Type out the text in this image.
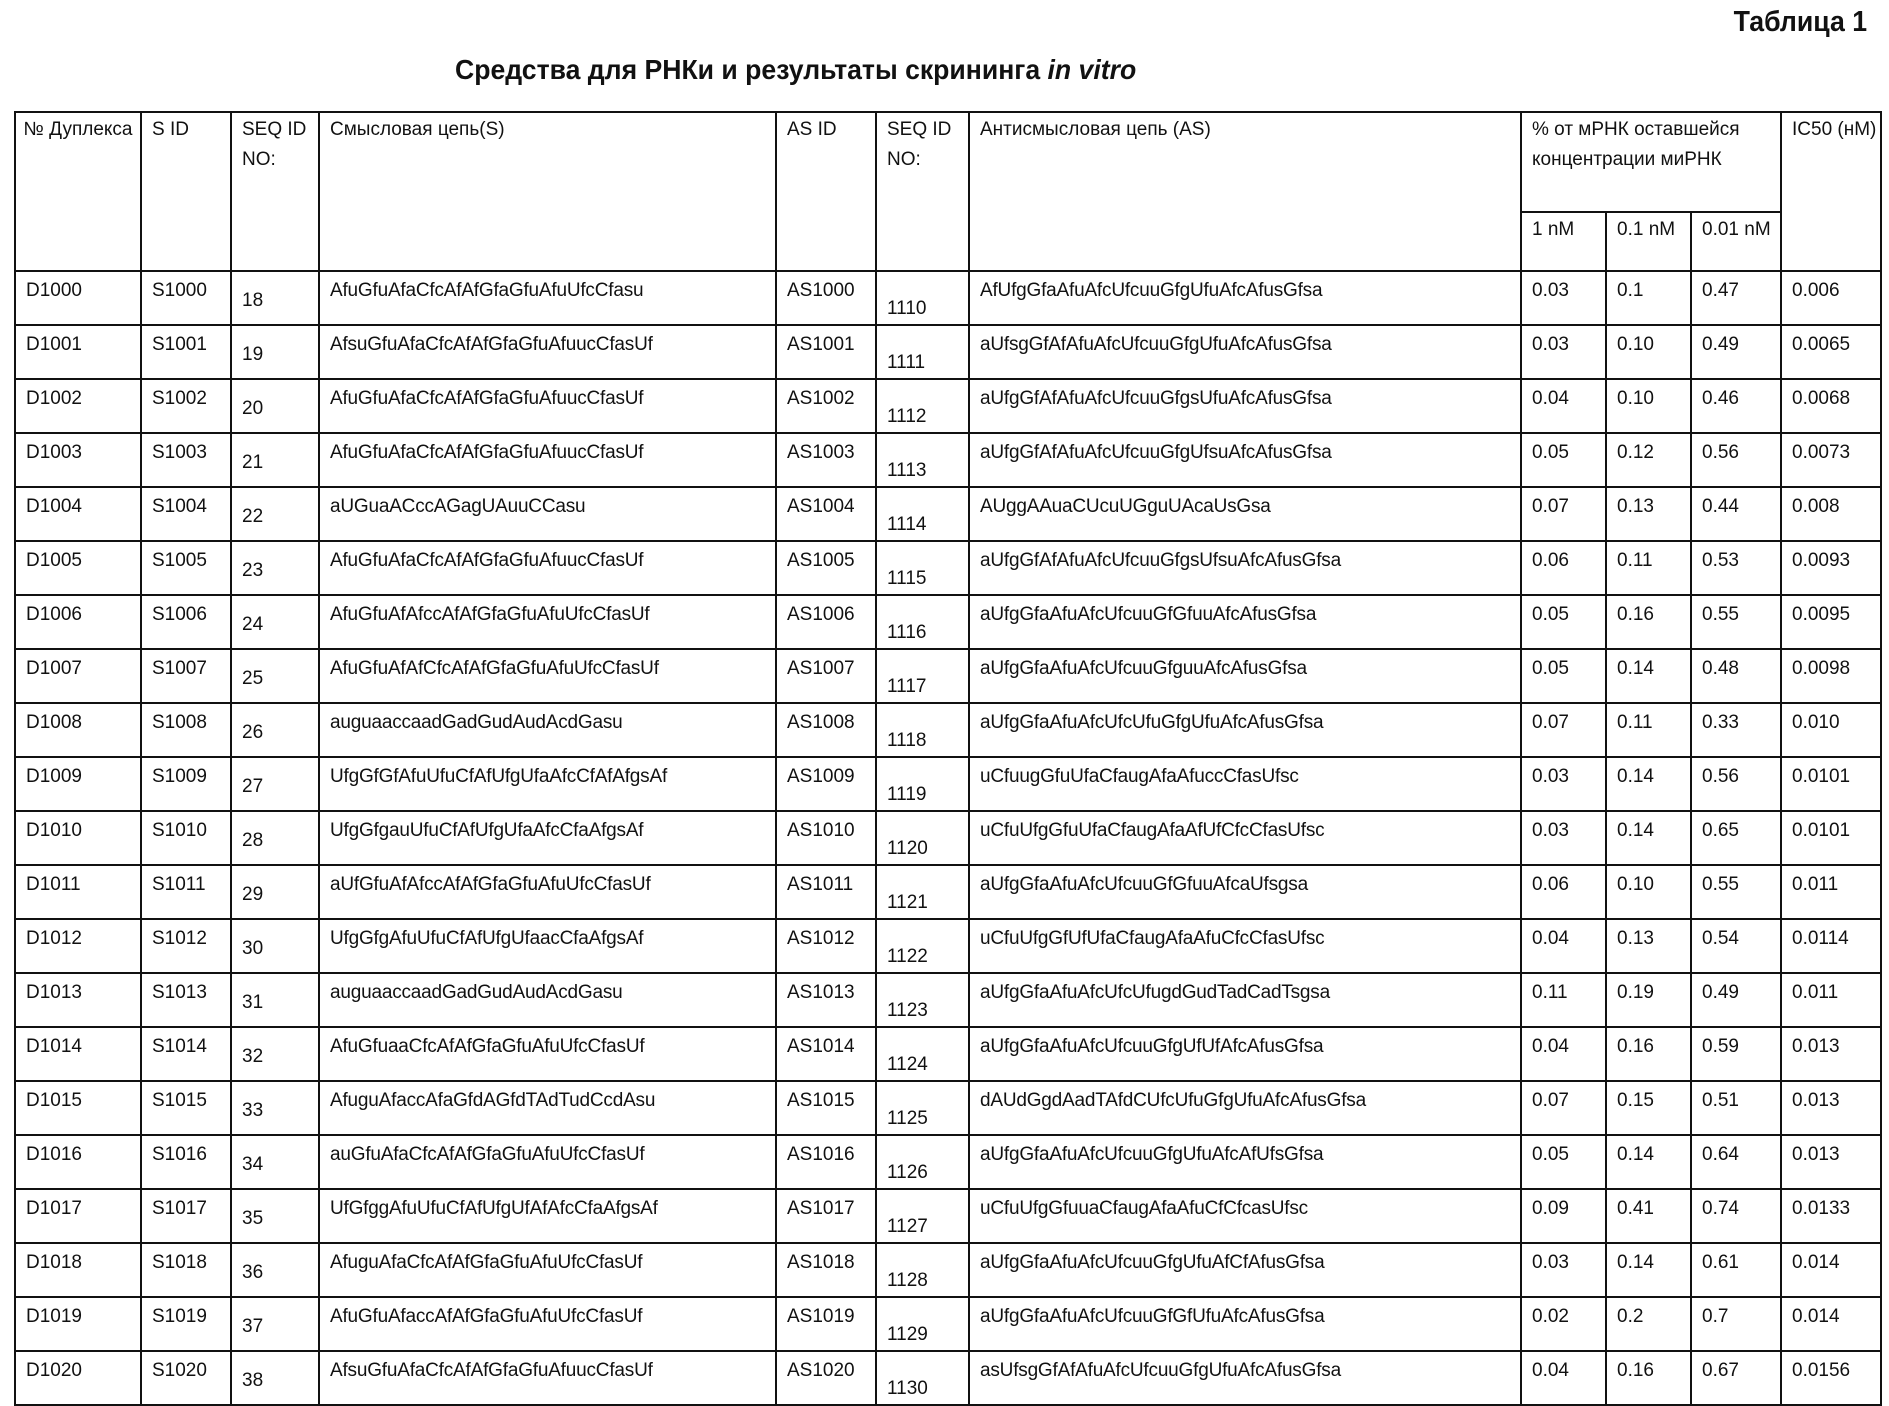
Таблица 1
Средства для РНКи и результаты скрининга in vitro
№ Дуплекса	S ID	SEQ ID NO:	Смысловая цепь(S)	AS ID	SEQ ID NO:	Антисмысловая цепь (AS)	% от мРНК оставшейся концентрации миРНК			IC50 (нМ)
							1 nM	0.1 nM	0.01 nM	
D1000	S1000	18	AfuGfuAfaCfcAfAfGfaGfuAfuUfcCfasu	AS1000	1110	AfUfgGfaAfuAfcUfcuuGfgUfuAfcAfusGfsa	0.03	0.1	0.47	0.006
D1001	S1001	19	AfsuGfuAfaCfcAfAfGfaGfuAfuucCfasUf	AS1001	1111	aUfsgGfAfAfuAfcUfcuuGfgUfuAfcAfusGfsa	0.03	0.10	0.49	0.0065
D1002	S1002	20	AfuGfuAfaCfcAfAfGfaGfuAfuucCfasUf	AS1002	1112	aUfgGfAfAfuAfcUfcuuGfgsUfuAfcAfusGfsa	0.04	0.10	0.46	0.0068
D1003	S1003	21	AfuGfuAfaCfcAfAfGfaGfuAfuucCfasUf	AS1003	1113	aUfgGfAfAfuAfcUfcuuGfgUfsuAfcAfusGfsa	0.05	0.12	0.56	0.0073
D1004	S1004	22	aUGuaACccAGagUAuuCCasu	AS1004	1114	AUggAAuaCUcuUGguUAcaUsGsa	0.07	0.13	0.44	0.008
D1005	S1005	23	AfuGfuAfaCfcAfAfGfaGfuAfuucCfasUf	AS1005	1115	aUfgGfAfAfuAfcUfcuuGfgsUfsuAfcAfusGfsa	0.06	0.11	0.53	0.0093
D1006	S1006	24	AfuGfuAfAfccAfAfGfaGfuAfuUfcCfasUf	AS1006	1116	aUfgGfaAfuAfcUfcuuGfGfuuAfcAfusGfsa	0.05	0.16	0.55	0.0095
D1007	S1007	25	AfuGfuAfAfCfcAfAfGfaGfuAfuUfcCfasUf	AS1007	1117	aUfgGfaAfuAfcUfcuuGfguuAfcAfusGfsa	0.05	0.14	0.48	0.0098
D1008	S1008	26	auguaaccaadGadGudAudAcdGasu	AS1008	1118	aUfgGfaAfuAfcUfcUfuGfgUfuAfcAfusGfsa	0.07	0.11	0.33	0.010
D1009	S1009	27	UfgGfGfAfuUfuCfAfUfgUfaAfcCfAfAfgsAf	AS1009	1119	uCfuugGfuUfaCfaugAfaAfuccCfasUfsc	0.03	0.14	0.56	0.0101
D1010	S1010	28	UfgGfgauUfuCfAfUfgUfaAfcCfaAfgsAf	AS1010	1120	uCfuUfgGfuUfaCfaugAfaAfUfCfcCfasUfsc	0.03	0.14	0.65	0.0101
D1011	S1011	29	aUfGfuAfAfccAfAfGfaGfuAfuUfcCfasUf	AS1011	1121	aUfgGfaAfuAfcUfcuuGfGfuuAfcaUfsgsa	0.06	0.10	0.55	0.011
D1012	S1012	30	UfgGfgAfuUfuCfAfUfgUfaacCfaAfgsAf	AS1012	1122	uCfuUfgGfUfUfaCfaugAfaAfuCfcCfasUfsc	0.04	0.13	0.54	0.0114
D1013	S1013	31	auguaaccaadGadGudAudAcdGasu	AS1013	1123	aUfgGfaAfuAfcUfcUfugdGudTadCadTsgsa	0.11	0.19	0.49	0.011
D1014	S1014	32	AfuGfuaaCfcAfAfGfaGfuAfuUfcCfasUf	AS1014	1124	aUfgGfaAfuAfcUfcuuGfgUfUfAfcAfusGfsa	0.04	0.16	0.59	0.013
D1015	S1015	33	AfuguAfaccAfaGfdAGfdTAdTudCcdAsu	AS1015	1125	dAUdGgdAadTAfdCUfcUfuGfgUfuAfcAfusGfsa	0.07	0.15	0.51	0.013
D1016	S1016	34	auGfuAfaCfcAfAfGfaGfuAfuUfcCfasUf	AS1016	1126	aUfgGfaAfuAfcUfcuuGfgUfuAfcAfUfsGfsa	0.05	0.14	0.64	0.013
D1017	S1017	35	UfGfggAfuUfuCfAfUfgUfAfAfcCfaAfgsAf	AS1017	1127	uCfuUfgGfuuaCfaugAfaAfuCfCfcasUfsc	0.09	0.41	0.74	0.0133
D1018	S1018	36	AfuguAfaCfcAfAfGfaGfuAfuUfcCfasUf	AS1018	1128	aUfgGfaAfuAfcUfcuuGfgUfuAfCfAfusGfsa	0.03	0.14	0.61	0.014
D1019	S1019	37	AfuGfuAfaccAfAfGfaGfuAfuUfcCfasUf	AS1019	1129	aUfgGfaAfuAfcUfcuuGfGfUfuAfcAfusGfsa	0.02	0.2	0.7	0.014
D1020	S1020	38	AfsuGfuAfaCfcAfAfGfaGfuAfuucCfasUf	AS1020	1130	asUfsgGfAfAfuAfcUfcuuGfgUfuAfcAfusGfsa	0.04	0.16	0.67	0.0156
